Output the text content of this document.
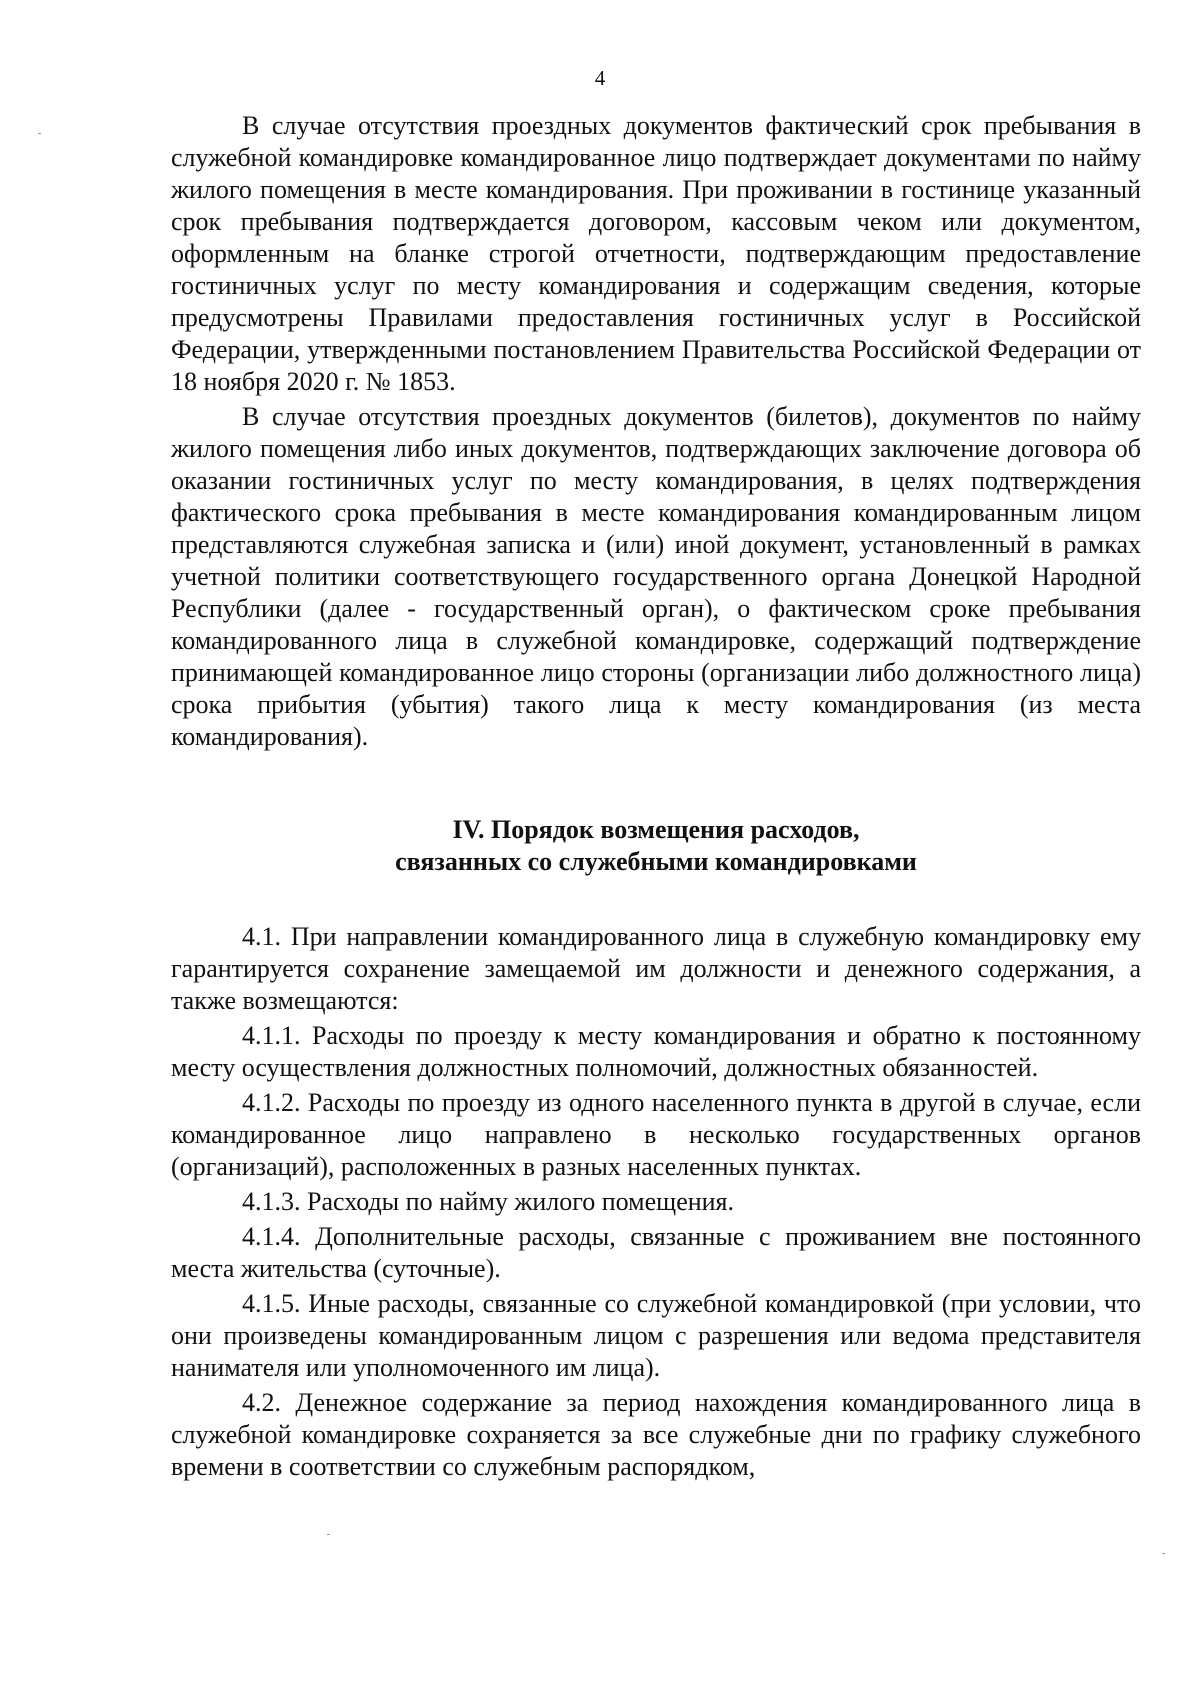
4

В случае отсутствия проездных документов фактический срок пребывания в служебной командировке командированное лицо подтверждает документами по найму жилого помещения в месте командирования. При проживании в гостинице указанный срок пребывания подтверждается договором, кассовым чеком или документом, оформленным на бланке строгой отчетности, подтверждающим предоставление гостиничных услуг по месту командирования и содержащим сведения, которые предусмотрены Правилами предоставления гостиничных услуг в Российской Федерации, утвержденными постановлением Правительства Российской Федерации от 18 ноября 2020 г. № 1853.

В случае отсутствия проездных документов (билетов), документов по найму жилого помещения либо иных документов, подтверждающих заключение договора об оказании гостиничных услуг по месту командирования, в целях подтверждения фактического срока пребывания в месте командирования командированным лицом представляются служебная записка и (или) иной документ, установленный в рамках учетной политики соответствующего государственного органа Донецкой Народной Республики (далее - государственный орган), о фактическом сроке пребывания командированного лица в служебной командировке, содержащий подтверждение принимающей командированное лицо стороны (организации либо должностного лица) срока прибытия (убытия) такого лица к месту командирования (из места командирования).

IV. Порядок возмещения расходов,
связанных со служебными командировками

4.1. При направлении командированного лица в служебную командировку ему гарантируется сохранение замещаемой им должности и денежного содержания, а также возмещаются:

4.1.1. Расходы по проезду к месту командирования и обратно к постоянному месту осуществления должностных полномочий, должностных обязанностей.

4.1.2. Расходы по проезду из одного населенного пункта в другой в случае, если командированное лицо направлено в несколько государственных органов (организаций), расположенных в разных населенных пунктах.

4.1.3. Расходы по найму жилого помещения.

4.1.4. Дополнительные расходы, связанные с проживанием вне постоянного места жительства (суточные).

4.1.5. Иные расходы, связанные со служебной командировкой (при условии, что они произведены командированным лицом с разрешения или ведома представителя нанимателя или уполномоченного им лица).

4.2. Денежное содержание за период нахождения командированного лица в служебной командировке сохраняется за все служебные дни по графику служебного времени в соответствии со служебным распорядком,
